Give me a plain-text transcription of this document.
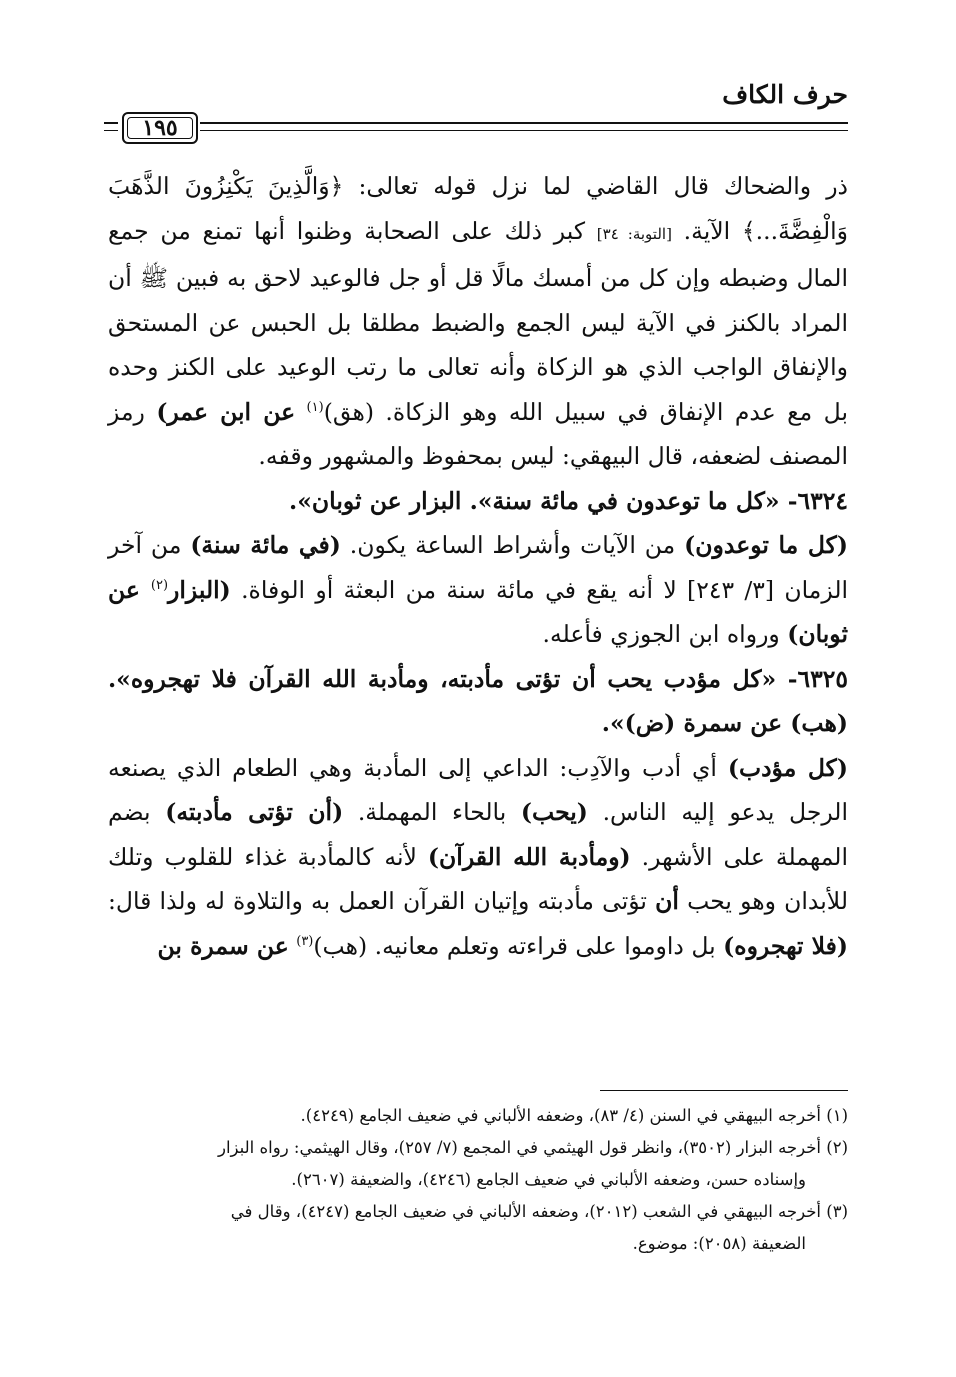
حرف الكاف
١٩٥

ذر والضحاك قال القاضي لما نزل قوله تعالى: ﴿وَالَّذِينَ يَكْنِزُونَ الذَّهَبَ وَالْفِضَّةَ...﴾ الآية. [التوبة: ٣٤] كبر ذلك على الصحابة وظنوا أنها تمنع من جمع المال وضبطه وإن كل من أمسك مالًا قل أو جل فالوعيد لاحق به فبين ﷺ أن المراد بالكنز في الآية ليس الجمع والضبط مطلقا بل الحبس عن المستحق والإنفاق الواجب الذي هو الزكاة وأنه تعالى ما رتب الوعيد على الكنز وحده بل مع عدم الإنفاق في سبيل الله وهو الزكاة. (هق)$^{(١)}$ عن ابن عمر) رمز المصنف لضعفه، قال البيهقي: ليس بمحفوظ والمشهور وقفه.

٦٣٢٤- «كل ما توعدون في مائة سنة». البزار عن ثوبان».

(كل ما توعدون) من الآيات وأشراط الساعة يكون. (في مائة سنة) من آخر الزمان [٣/ ٢٤٣] لا أنه يقع في مائة سنة من البعثة أو الوفاة. (البزار$^{(٢)}$ عن ثوبان) ورواه ابن الجوزي فأعله.

٦٣٢٥- «كل مؤدب يحب أن تؤتى مأدبته، ومأدبة الله القرآن فلا تهجروه». (هب) عن سمرة (ض)».

(كل مؤدب) أي أدب والآدِب: الداعي إلى المأدبة وهي الطعام الذي يصنعه الرجل يدعو إليه الناس. (يحب) بالحاء المهملة. (أن تؤتى مأدبته) بضم المهملة على الأشهر. (ومأدبة الله القرآن) لأنه كالمأدبة غذاء للقلوب وتلك للأبدان وهو يحب أن تؤتى مأدبته وإتيان القرآن العمل به والتلاوة له ولذا قال: (فلا تهجروه) بل داوموا على قراءته وتعلم معانيه. (هب)$^{(٣)}$ عن سمرة بن

(١) أخرجه البيهقي في السنن (٤/ ٨٣)، وضعفه الألباني في ضعيف الجامع (٤٢٤٩).

(٢) أخرجه البزار (٣٥٠٢)، وانظر قول الهيثمي في المجمع (٧/ ٢٥٧)، وقال الهيثمي: رواه البزار

وإسناده حسن، وضعفه الألباني في ضعيف الجامع (٤٢٤٦)، والضعيفة (٢٦٠٧).

(٣) أخرجه البيهقي في الشعب (٢٠١٢)، وضعفه الألباني في ضعيف الجامع (٤٢٤٧)، وقال في

الضعيفة (٢٠٥٨): موضوع.
